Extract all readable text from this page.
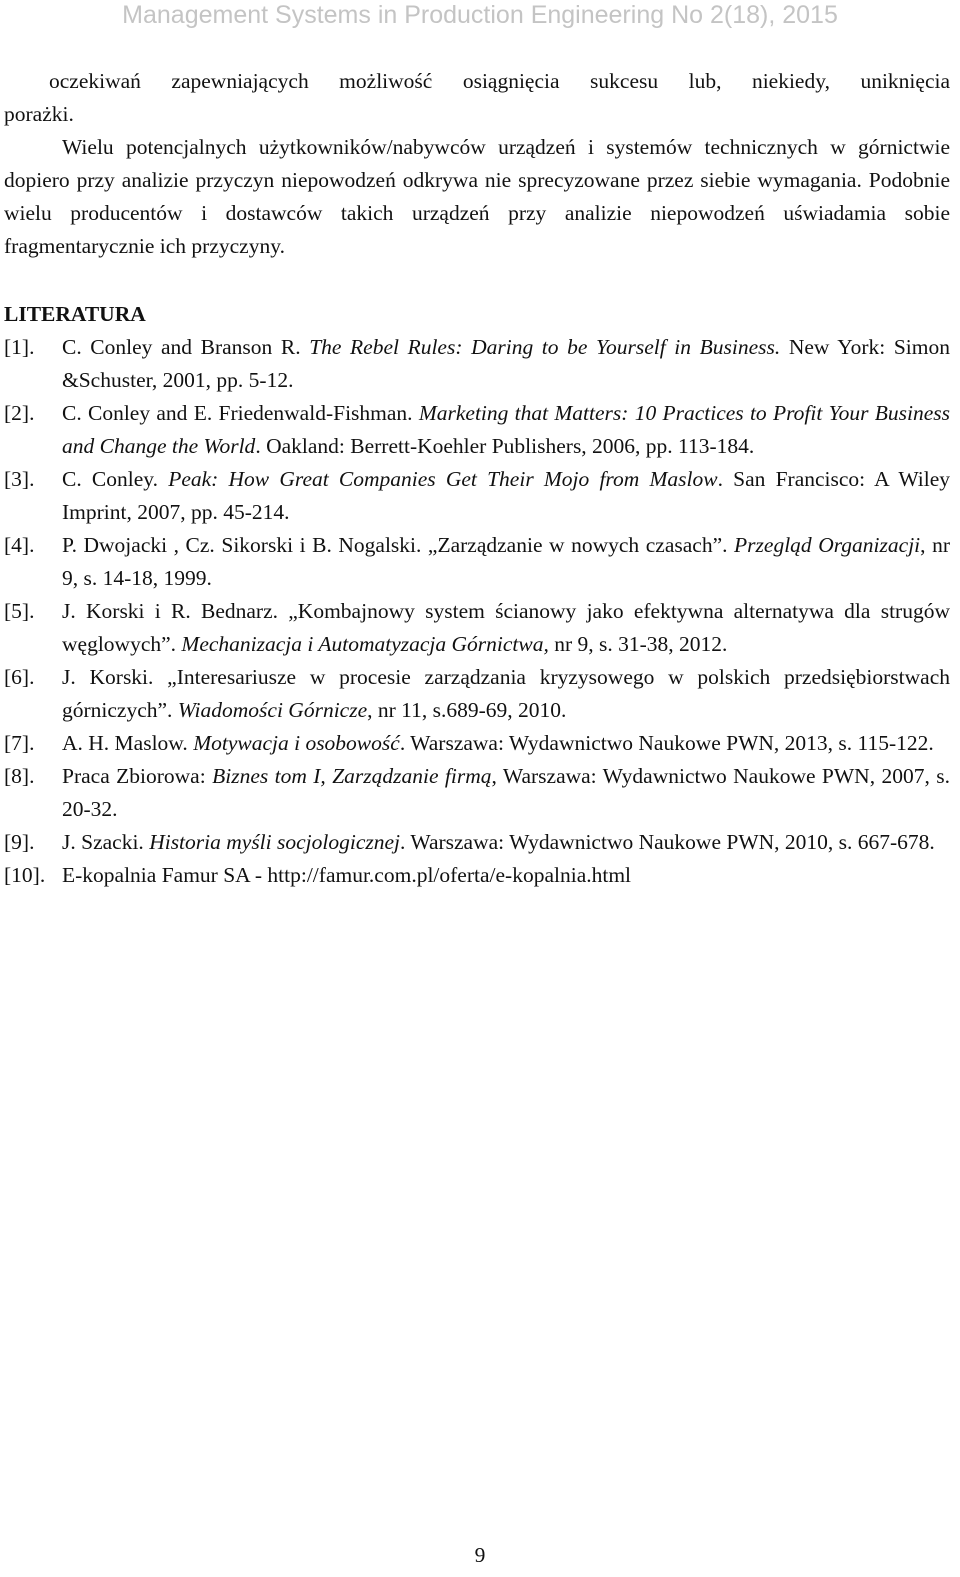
Management Systems in Production Engineering No 2(18), 2015
oczekiwań zapewniających możliwość osiągnięcia sukcesu lub, niekiedy, uniknięcia
porażki.

Wielu potencjalnych użytkowników/nabywców urządzeń i systemów technicznych w górnictwie dopiero przy analizie przyczyn niepowodzeń odkrywa nie sprecyzowane przez siebie wymagania. Podobnie wielu producentów i dostawców takich urządzeń przy analizie niepowodzeń uświadamia sobie fragmentarycznie ich przyczyny.

LITERATURA
[1]. C. Conley and Branson R. The Rebel Rules: Daring to be Yourself in Business. New York: Simon &Schuster, 2001, pp. 5-12.
[2]. C. Conley and E. Friedenwald-Fishman. Marketing that Matters: 10 Practices to Profit Your Business and Change the World. Oakland: Berrett-Koehler Publishers, 2006, pp. 113-184.
[3]. C. Conley. Peak: How Great Companies Get Their Mojo from Maslow. San Francisco: A Wiley Imprint, 2007, pp. 45-214.
[4]. P. Dwojacki , Cz. Sikorski i B. Nogalski. „Zarządzanie w nowych czasach”. Przegląd Organizacji, nr 9, s. 14-18, 1999.
[5]. J. Korski i R. Bednarz. „Kombajnowy system ścianowy jako efektywna alternatywa dla strugów węglowych”. Mechanizacja i Automatyzacja Górnictwa, nr 9, s. 31-38, 2012.
[6]. J. Korski. „Interesariusze w procesie zarządzania kryzysowego w polskich przedsiębiorstwach górniczych”. Wiadomości Górnicze, nr 11, s.689-69, 2010.
[7]. A. H. Maslow. Motywacja i osobowość. Warszawa: Wydawnictwo Naukowe PWN, 2013, s. 115-122.
[8]. Praca Zbiorowa: Biznes tom I, Zarządzanie firmą, Warszawa: Wydawnictwo Naukowe PWN, 2007, s. 20-32.
[9]. J. Szacki. Historia myśli socjologicznej. Warszawa: Wydawnictwo Naukowe PWN, 2010, s. 667-678.
[10]. E-kopalnia Famur SA - http://famur.com.pl/oferta/e-kopalnia.html
9
